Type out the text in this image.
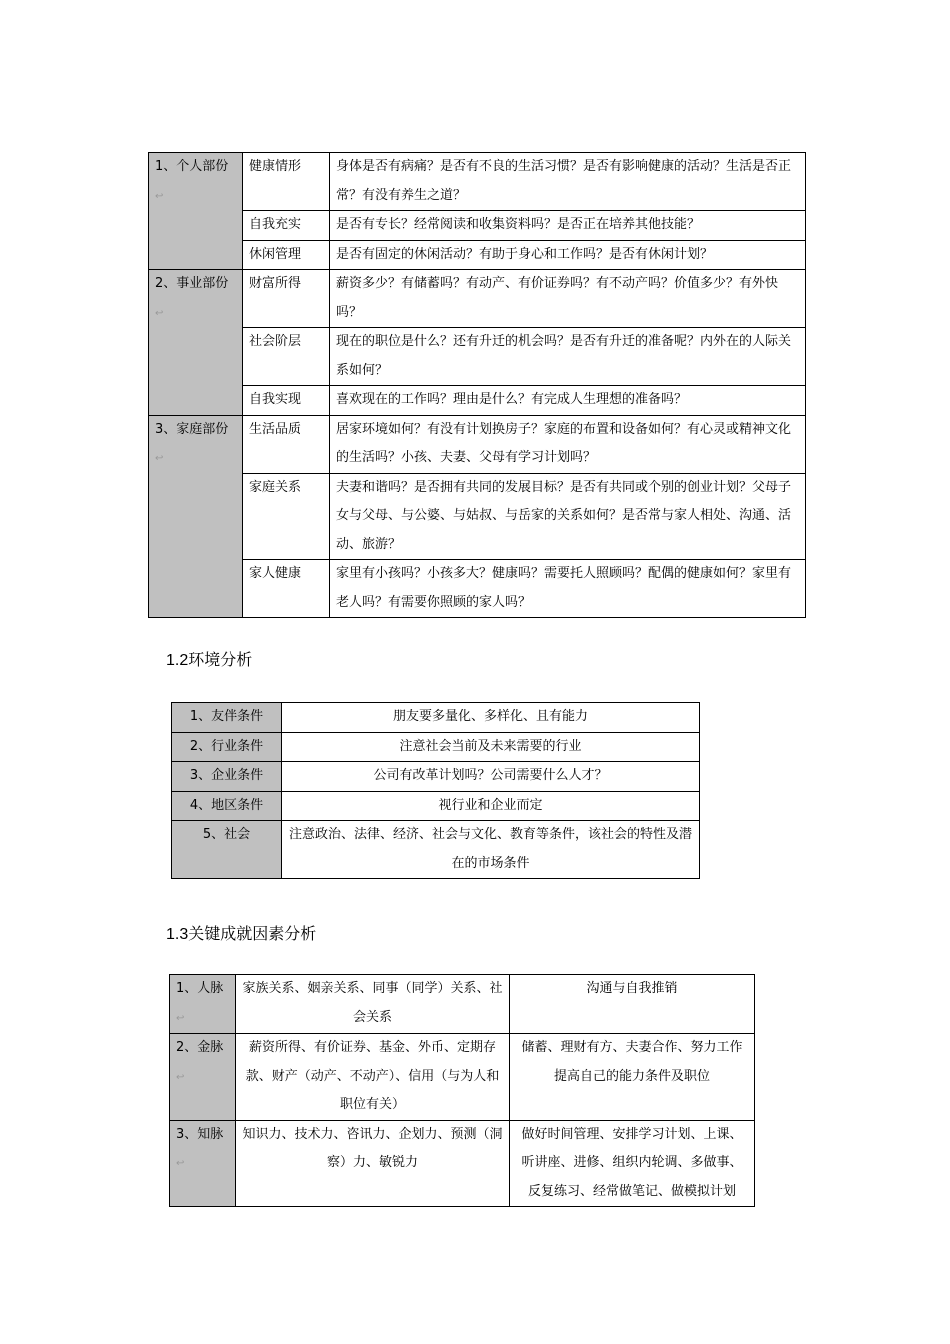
1、个人部份↩	健康情形	身体是否有病痛？是否有不良的生活习惯？是否有影响健康的活动？生活是否正常？有没有养生之道？
	自我充实	是否有专长？经常阅读和收集资料吗？是否正在培养其他技能？
	休闲管理	是否有固定的休闲活动？有助于身心和工作吗？是否有休闲计划？
2、事业部份↩	财富所得	薪资多少？有储蓄吗？有动产、有价证券吗？有不动产吗？价值多少？有外快吗？
	社会阶层	现在的职位是什么？还有升迁的机会吗？是否有升迁的准备呢？内外在的人际关系如何？
	自我实现	喜欢现在的工作吗？理由是什么？有完成人生理想的准备吗？
3、家庭部份↩	生活品质	居家环境如何？有没有计划换房子？家庭的布置和设备如何？有心灵或精神文化的生活吗？小孩、夫妻、父母有学习计划吗？
	家庭关系	夫妻和谐吗？是否拥有共同的发展目标？是否有共同或个别的创业计划？父母子女与父母、与公婆、与姑叔、与岳家的关系如何？是否常与家人相处、沟通、活动、旅游？
	家人健康	家里有小孩吗？小孩多大？健康吗？需要托人照顾吗？配偶的健康如何？家里有老人吗？有需要你照顾的家人吗？
1.2环境分析
1、友伴条件	朋友要多量化、多样化、且有能力
2、行业条件	注意社会当前及未来需要的行业
3、企业条件	公司有改革计划吗？公司需要什么人才？
4、地区条件	视行业和企业而定
5、社会	注意政治、法律、经济、社会与文化、教育等条件，该社会的特性及潜在的市场条件
1.3关键成就因素分析
1、人脉↩	家族关系、姻亲关系、同事（同学）关系、社会关系	沟通与自我推销
2、金脉↩	薪资所得、有价证券、基金、外币、定期存款、财产（动产、不动产）、信用（与为人和职位有关）	储蓄、理财有方、夫妻合作、努力工作提高自己的能力条件及职位
3、知脉↩	知识力、技术力、咨讯力、企划力、预测（洞察）力、敏锐力	做好时间管理、安排学习计划、上课、听讲座、进修、组织内轮调、多做事、反复练习、经常做笔记、做模拟计划
